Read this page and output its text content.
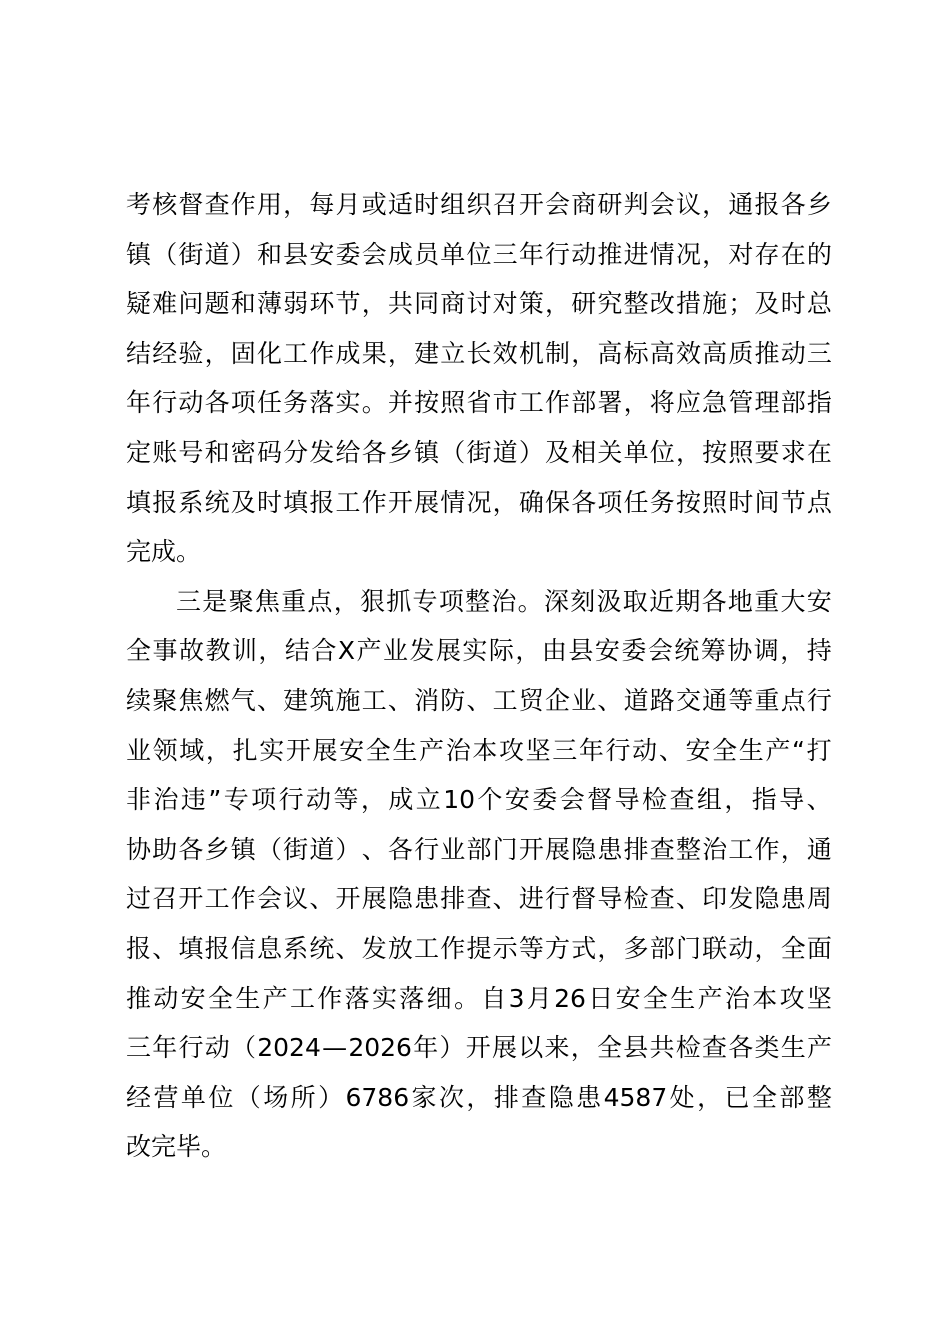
考 核 督 查 作 用 ， 每 月 或 适 时 组 织 召 开 会 商 研 判 会 议 ， 通 报 各 乡
镇 （ 街 道 ） 和 县 安 委 会 成 员 单 位 三 年 行 动 推 进 情 况 ， 对 存 在 的
疑 难 问 题 和 薄 弱 环 节 ， 共 同 商 讨 对 策 ， 研 究 整 改 措 施 ； 及 时 总
结 经 验 ， 固 化 工 作 成 果 ， 建 立 长 效 机 制 ， 高 标 高 效 高 质 推 动 三
年 行 动 各 项 任 务 落 实 。 并 按 照 省 市 工 作 部 署 ， 将 应 急 管 理 部 指
定 账 号 和 密 码 分 发 给 各 乡 镇 （ 街 道 ） 及 相 关 单 位 ， 按 照 要 求 在
填 报 系 统 及 时 填 报 工 作 开 展 情 况 ， 确 保 各 项 任 务 按 照 时 间 节 点
完成。
三 是 聚 焦 重 点 ， 狠 抓 专 项 整 治 。 深 刻 汲 取 近 期 各 地 重 大 安
全 事 故 教 训 ， 结 合 X 产 业 发 展 实 际 ， 由 县 安 委 会 统 筹 协 调 ， 持
续 聚 焦 燃 气 、 建 筑 施 工 、 消 防 、 工 贸 企 业 、 道 路 交 通 等 重 点 行
业 领 域 ， 扎 实 开 展 安 全 生 产 治 本 攻 坚 三 年 行 动 、 安 全 生 产 “ 打
非 治 违 ” 专 项 行 动 等 ， 成 立 10 个 安 委 会 督 导 检 查 组 ， 指 导 、
协 助 各 乡 镇 （ 街 道 ） 、 各 行 业 部 门 开 展 隐 患 排 查 整 治 工 作 ， 通
过 召 开 工 作 会 议 、 开 展 隐 患 排 查 、 进 行 督 导 检 查 、 印 发 隐 患 周
报 、 填 报 信 息 系 统 、 发 放 工 作 提 示 等 方 式 ， 多 部 门 联 动 ， 全 面
推 动 安 全 生 产 工 作 落 实 落 细 。 自 3 月 26 日 安 全 生 产 治 本 攻 坚
三 年 行 动 （ 2024 — 2026 年 ） 开 展 以 来 ， 全 县 共 检 查 各 类 生 产
经 营 单 位 （ 场 所 ） 6786 家 次 ， 排 查 隐 患 4587 处 ， 已 全 部 整
改完毕。
